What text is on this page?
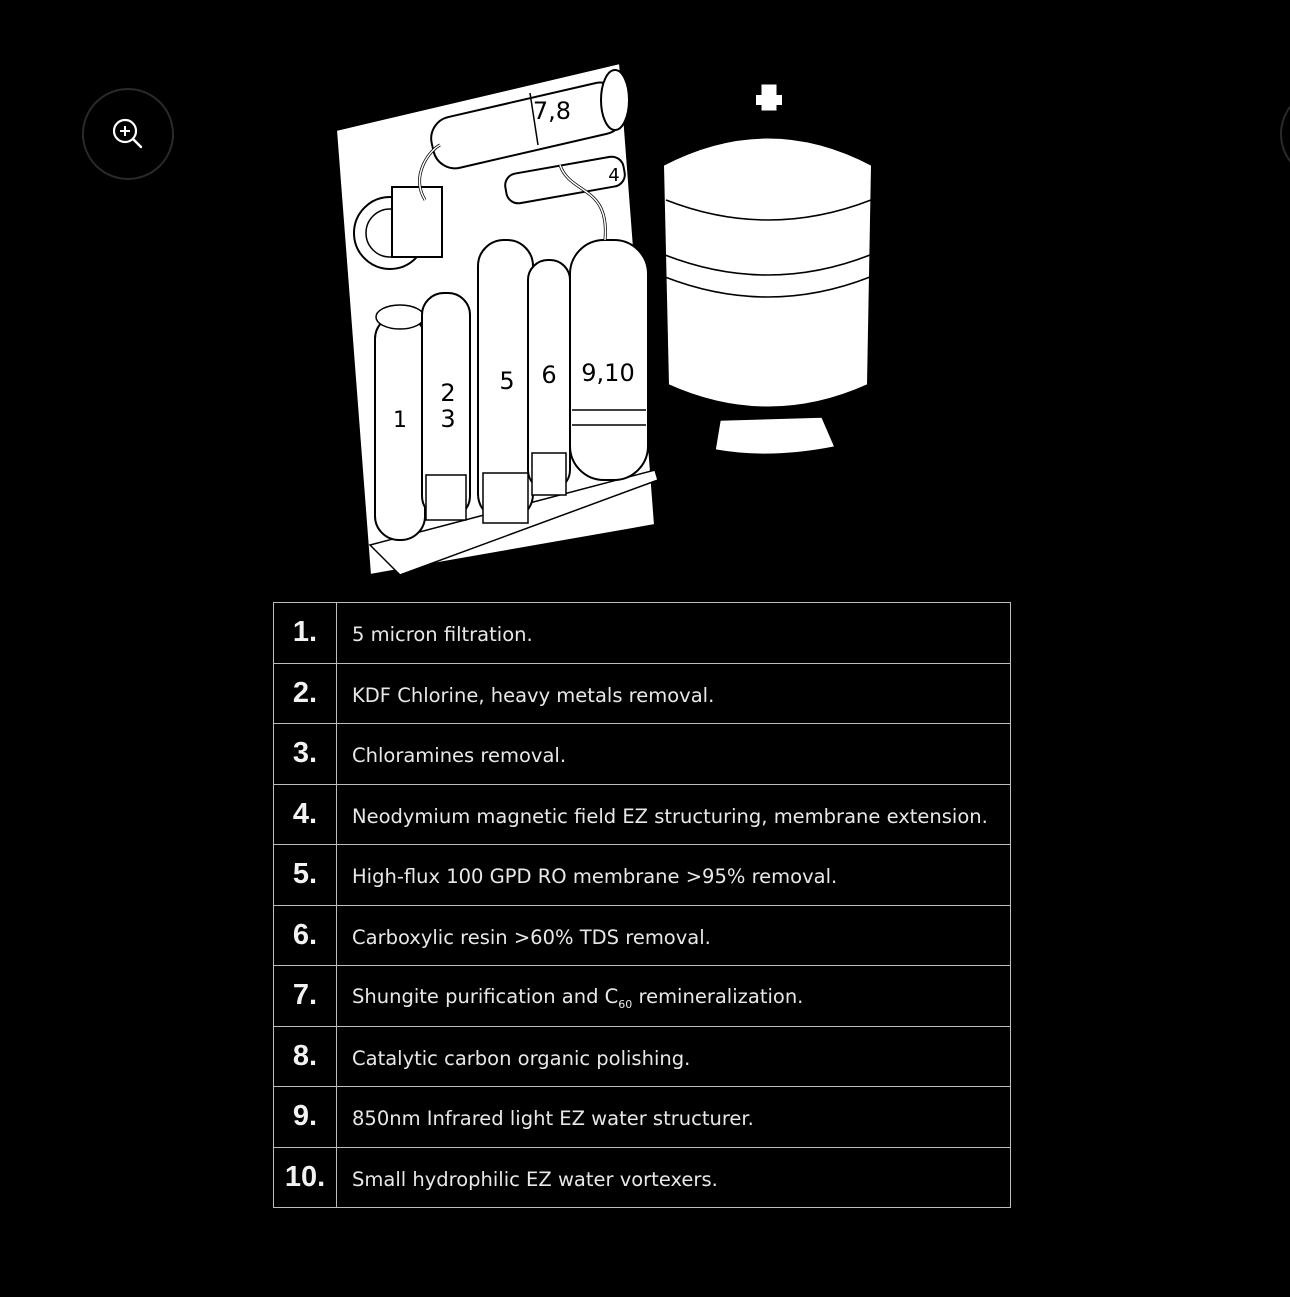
1
2
3
5 6 9,10
7,8
4
1.	5 micron filtration.
2.	KDF Chlorine, heavy metals removal.
3.	Chloramines removal.
4.	Neodymium magnetic field EZ structuring, membrane extension.
5.	High-flux 100 GPD RO membrane >95% removal.
6.	Carboxylic resin >60% TDS removal.
7.	Shungite purification and $C_{60}$ remineralization.
8.	Catalytic carbon organic polishing.
9.	850nm Infrared light EZ water structurer.
10.	Small hydrophilic EZ water vortexers.
